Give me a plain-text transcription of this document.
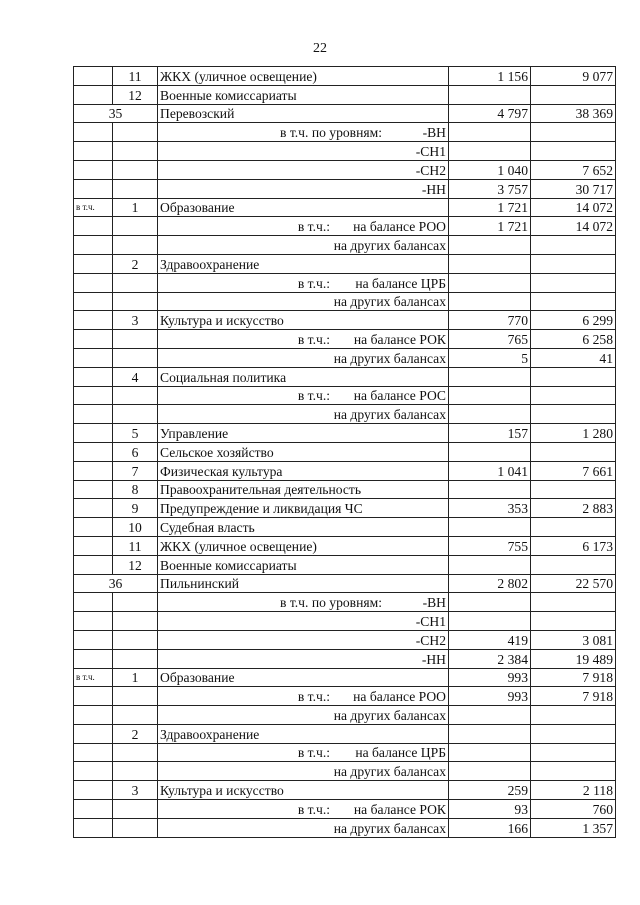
22
	11	ЖКХ (уличное освещение)	1 156	9 077
	12	Военные комиссариаты		
35		Перевозский	4 797	38 369
		в т.ч. по уровням: -ВН		
		-СН1		
		-СН2	1 040	7 652
		-НН	3 757	30 717
в т.ч.	1	Образование	1 721	14 072
		в т.ч.: на балансе РОО	1 721	14 072
		на других балансах		
	2	Здравоохранение		
		в т.ч.: на балансе ЦРБ		
		на других балансах		
	3	Культура и искусство	770	6 299
		в т.ч.: на балансе РОК	765	6 258
		на других балансах	5	41
	4	Социальная политика		
		в т.ч.: на балансе РОС		
		на других балансах		
	5	Управление	157	1 280
	6	Сельское хозяйство		
	7	Физическая культура	1 041	7 661
	8	Правоохранительная деятельность		
	9	Предупреждение и ликвидация ЧС	353	2 883
	10	Судебная власть		
	11	ЖКХ (уличное освещение)	755	6 173
	12	Военные комиссариаты		
36		Пильнинский	2 802	22 570
		в т.ч. по уровням: -ВН		
		-СН1		
		-СН2	419	3 081
		-НН	2 384	19 489
в т.ч.	1	Образование	993	7 918
		в т.ч.: на балансе РОО	993	7 918
		на других балансах		
	2	Здравоохранение		
		в т.ч.: на балансе ЦРБ		
		на других балансах		
	3	Культура и искусство	259	2 118
		в т.ч.: на балансе РОК	93	760
		на других балансах	166	1 357
